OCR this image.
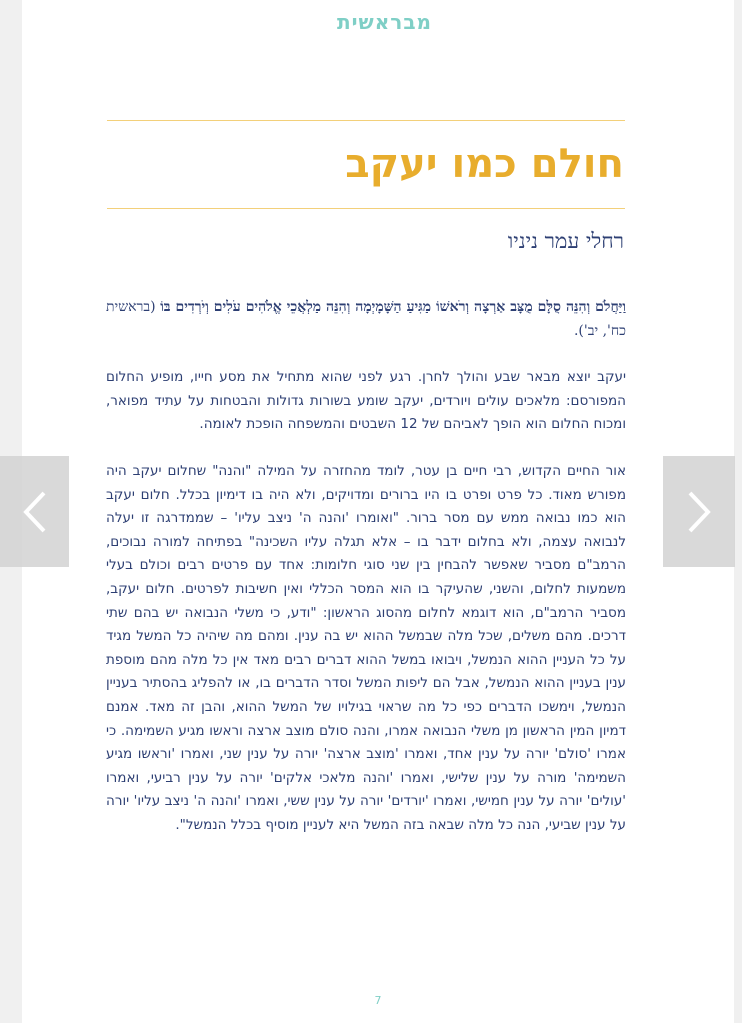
מבראשית
חולם כמו יעקב
רחלי עמר ניניו

וַיַּחֲלֹם וְהִנֵּה סֻלָּם מֻצָּב אַרְצָה וְרֹאשׁוֹ מַגִּיעַ הַשָּׁמָיְמָה וְהִנֵּה מַלְאֲכֵי אֱלֹהִים עֹלִים וְיֹרְדִים בּוֹ (בראשית כח', יב').

יעקב יוצא מבאר שבע והולך לחרן. רגע לפני שהוא מתחיל את מסע חייו, מופיע החלום המפורסם: מלאכים עולים ויורדים, יעקב שומע בשורות גדולות והבטחות על עתיד מפואר, ומכוח החלום הוא הופך לאביהם של 12 השבטים והמשפחה הופכת לאומה.

אור החיים הקדוש, רבי חיים בן עטר, לומד מהחזרה על המילה "והנה" שחלום יעקב היה מפורש מאוד. כל פרט ופרט בו היו ברורים ומדויקים, ולא היה בו דימיון בכלל. חלום יעקב הוא כמו נבואה ממש עם מסר ברור. "ואומרו 'והנה ה' ניצב עליו' – שממדרגה זו יעלה לנבואה עצמה, ולא בחלום ידבר בו – אלא תגלה עליו השכינה" בפתיחה למורה נבוכים, הרמב"ם מסביר שאפשר להבחין בין שני סוגי חלומות: אחד עם פרטים רבים וכולם בעלי משמעות לחלום, והשני, שהעיקר בו הוא המסר הכללי ואין חשיבות לפרטים. חלום יעקב, מסביר הרמב"ם, הוא דוגמא לחלום מהסוג הראשון: "ודע, כי משלי הנבואה יש בהם שתי דרכים. מהם משלים, שכל מלה שבמשל ההוא יש בה ענין. ומהם מה שיהיה כל המשל מגיד על כל העניין ההוא הנמשל, ויבואו במשל ההוא דברים רבים מאד אין כל מלה מהם מוספת ענין בעניין ההוא הנמשל, אבל הם ליפות המשל וסדר הדברים בו, או להפליג בהסתיר בעניין הנמשל, וימשכו הדברים כפי כל מה שראוי בגילויו של המשל ההוא, והבן זה מאד. אמנם דמיון המין הראשון מן משלי הנבואה אמרו, והנה סולם מוצב ארצה וראשו מגיע השמימה. כי אמרו 'סולם' יורה על ענין אחד, ואמרו 'מוצב ארצה' יורה על ענין שני, ואמרו 'וראשו מגיע השמימה' מורה על ענין שלישי, ואמרו 'והנה מלאכי אלקים' יורה על ענין רביעי, ואמרו 'עולים' יורה על ענין חמישי, ואמרו 'יורדים' יורה על ענין ששי, ואמרו 'והנה ה' ניצב עליו' יורה על ענין שביעי, הנה כל מלה שבאה בזה המשל היא לעניין מוסיף בכלל הנמשל".

7
